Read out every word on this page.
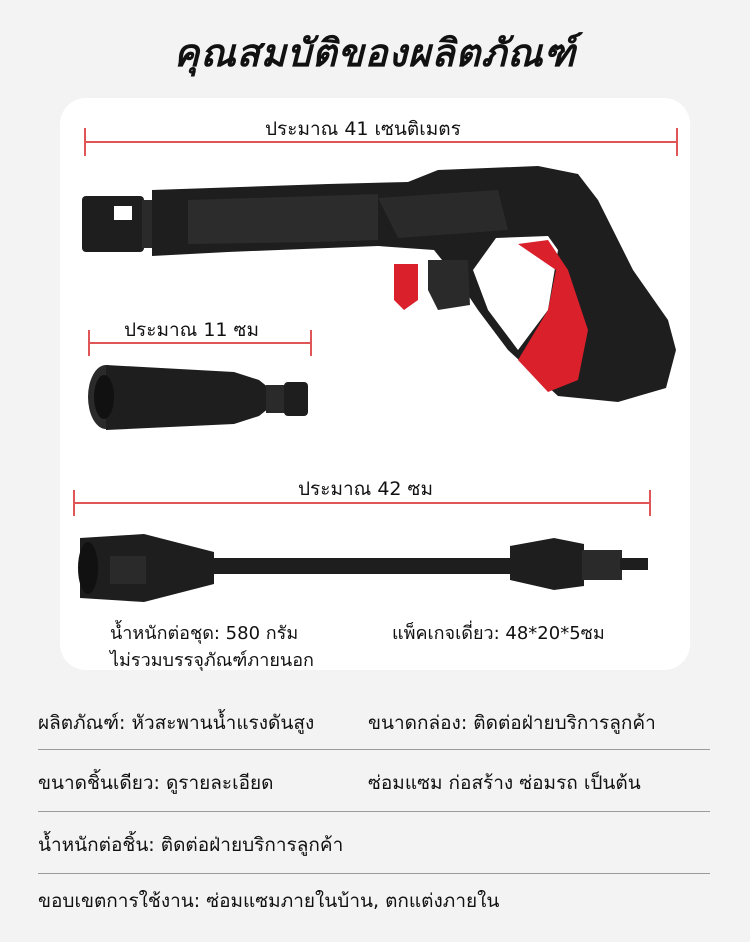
คุณสมบัติของผลิตภัณฑ์
ประมาณ 41 เซนติเมตร
ประมาณ 11 ซม
ประมาณ 42 ซม
น้ำหนักต่อชุด: 580 กรัม
ไม่รวมบรรจุภัณฑ์ภายนอก
แพ็คเกจเดี่ยว: 48*20*5ซม
ผลิตภัณฑ์: หัวสะพานน้ำแรงดันสูง	ขนาดกล่อง: ติดต่อฝ่ายบริการลูกค้า
ขนาดชิ้นเดียว: ดูรายละเอียด	ซ่อมแซม ก่อสร้าง ซ่อมรถ เป็นต้น
น้ำหนักต่อชิ้น: ติดต่อฝ่ายบริการลูกค้า
ขอบเขตการใช้งาน: ซ่อมแซมภายในบ้าน, ตกแต่งภายใน
